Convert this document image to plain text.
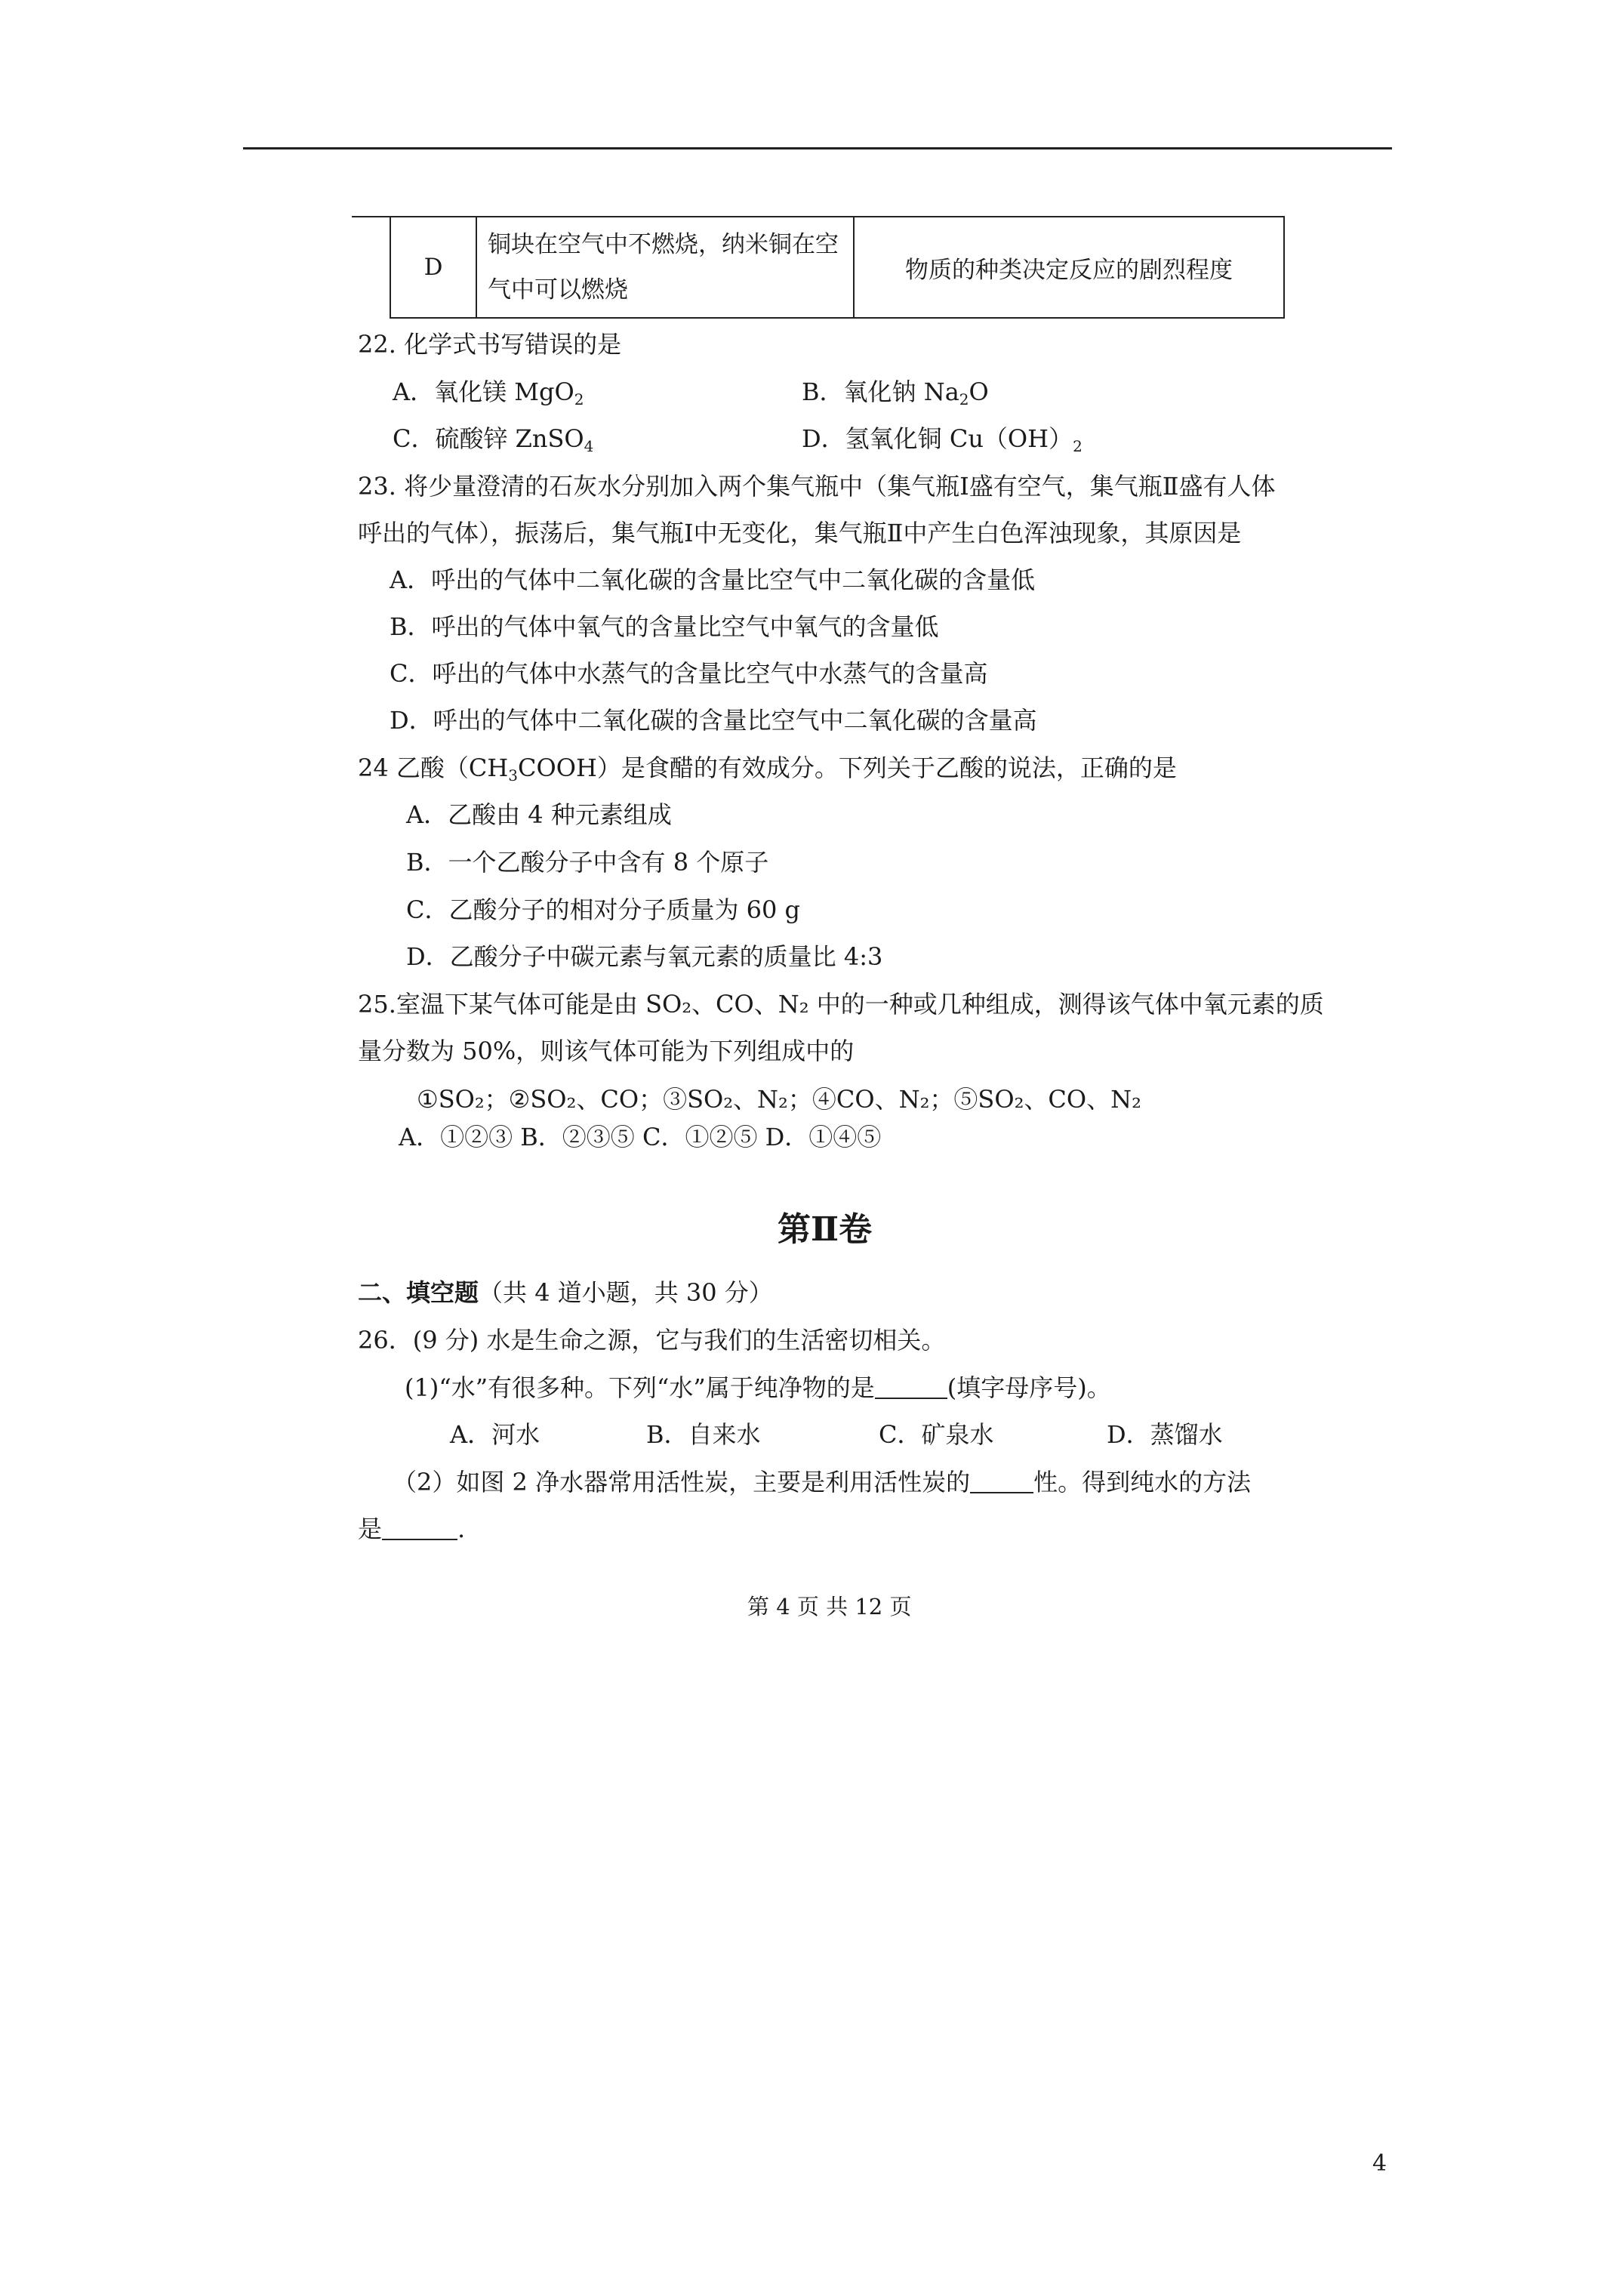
D	铜块在空气中不燃烧，纳米铜在空
气中可以燃烧	物质的种类决定反应的剧烈程度
22. 化学式书写错误的是
A．氧化镁 MgO$_2$	B．氧化钠 $Na_2O$
C．硫酸锌 ZnSO$_4$	D．氢氧化铜 $Cu(OH)_2$
23. 将少量澄清的石灰水分别加入两个集气瓶中（集气瓶Ⅰ盛有空气，集气瓶Ⅱ盛有人体
呼出的气体），振荡后，集气瓶Ⅰ中无变化，集气瓶Ⅱ中产生白色浑浊现象，其原因是
A．呼出的气体中二氧化碳的含量比空气中二氧化碳的含量低
B．呼出的气体中氧气的含量比空气中氧气的含量低
C．呼出的气体中水蒸气的含量比空气中水蒸气的含量高
D．呼出的气体中二氧化碳的含量比空气中二氧化碳的含量高
24 乙酸$(CH_3COOH)$是食醋的有效成分。下列关于乙酸的说法，正确的是
A．乙酸由 4 种元素组成
B．一个乙酸分子中含有 8 个原子
C．乙酸分子的相对分子质量为 60 g
D．乙酸分子中碳元素与氧元素的质量比 4:3
25.室温下某气体可能是由 SO₂、CO、N₂ 中的一种或几种组成，测得该气体中氧元素的质
量分数为 50%，则该气体可能为下列组成中的
①SO₂；②SO₂、CO；③SO₂、N₂；④CO、N₂；⑤SO₂、CO、N₂
A．①②③ B．②③⑤ C．①②⑤ D．①④⑤
第Ⅱ卷
二、填空题（共 4 道小题，共 30 分）
26．(9 分) 水是生命之源，它与我们的生活密切相关。
(1)“水”有很多种。下列“水”属于纯净物的是	(填字母序号)。
A．河水	B．自来水	C．矿泉水	D．蒸馏水
（2）如图 2 净水器常用活性炭，主要是利用活性炭的	性。得到纯水的方法
是	.
第 4 页 共 12 页
4
